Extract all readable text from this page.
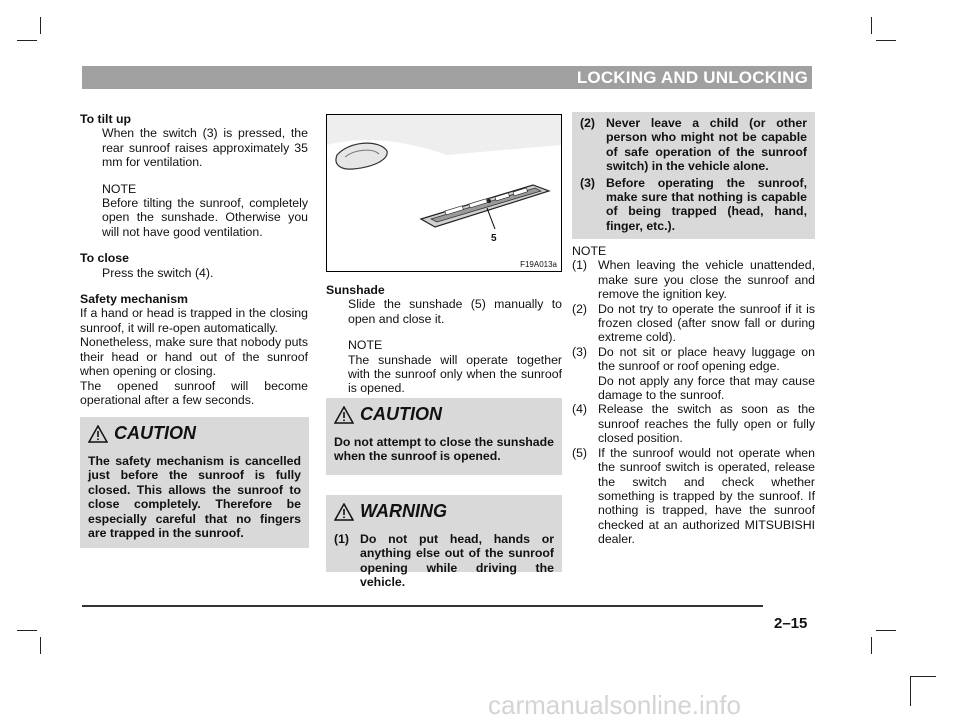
LOCKING AND UNLOCKING

To tilt up

When the switch (3) is pressed, the rear sunroof raises approximately 35 mm for ventilation.

NOTE

Before tilting the sunroof, completely open the sunshade. Otherwise you will not have good ventilation.

To close

Press the switch (4).

Safety mechanism

If a hand or head is trapped in the closing sunroof, it will re-open automatically.

Nonetheless, make sure that nobody puts their head or hand out of the sunroof when opening or closing.

The opened sunroof will become operational after a few seconds.

CAUTION
The safety mechanism is cancelled just before the sunroof is fully closed. This allows the sunroof to close completely. Therefore be especially careful that no fingers are trapped in the sunroof.
5
F19A013a

Sunshade

Slide the sunshade (5) manually to open and close it.

NOTE

The sunshade will operate together with the sunroof only when the sunroof is opened.

CAUTION
Do not attempt to close the sunshade when the sunroof is opened.
WARNING
(1) Do not put head, hands or anything else out of the sunroof opening while driving the vehicle.
(2) Never leave a child (or other person who might not be capable of safe operation of the sunroof switch) in the vehicle alone.
(3) Before operating the sunroof, make sure that nothing is capable of being trapped (head, hand, finger, etc.).

NOTE

(1) When leaving the vehicle unattended, make sure you close the sunroof and remove the ignition key.
(2) Do not try to operate the sunroof if it is frozen closed (after snow fall or during extreme cold).
(3) Do not sit or place heavy luggage on the sunroof or roof opening edge.
Do not apply any force that may cause damage to the sunroof.
(4) Release the switch as soon as the sunroof reaches the fully open or fully closed position.
(5) If the sunroof would not operate when the sunroof switch is operated, release the switch and check whether something is trapped by the sunroof. If nothing is trapped, have the sunroof checked at an authorized MITSUBISHI dealer.
2–15
carmanualsonline.info
